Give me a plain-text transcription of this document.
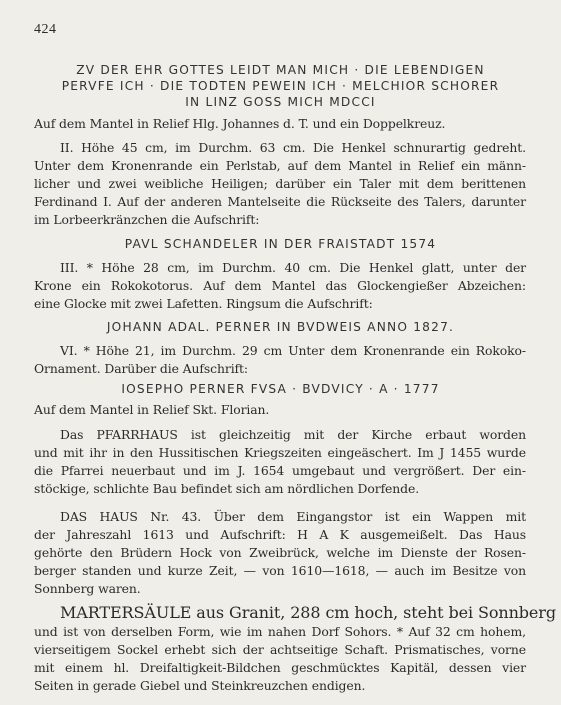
424
ZV DER EHR GOTTES LEIDT MAN MICH · DIE LEBENDIGEN
PERVFE ICH · DIE TODTEN PEWEIN ICH · MELCHIOR SCHORER
IN LINZ GOSS MICH MDCCI
Auf dem Mantel in Relief Hlg. Johannes d. T. und ein Doppelkreuz.
II. Höhe 45 cm, im Durchm. 63 cm. Die Henkel schnurartig gedreht.
Unter dem Kronenrande ein Perlstab, auf dem Mantel in Relief ein männ-
licher und zwei weibliche Heiligen; darüber ein Taler mit dem berittenen
Ferdinand I. Auf der anderen Mantelseite die Rückseite des Talers, darunter
im Lorbeerkränzchen die Aufschrift:
PAVL SCHANDELER IN DER FRAISTADT 1574
III. * Höhe 28 cm, im Durchm. 40 cm. Die Henkel glatt, unter der
Krone ein Rokokotorus. Auf dem Mantel das Glockengießer Abzeichen:
eine Glocke mit zwei Lafetten. Ringsum die Aufschrift:
JOHANN ADAL. PERNER IN BVDWEIS ANNO 1827.
VI. * Höhe 21, im Durchm. 29 cm Unter dem Kronenrande ein Rokoko-
Ornament. Darüber die Aufschrift:
IOSEPHO PERNER FVSA · BVDVICY · A · 1777
Auf dem Mantel in Relief Skt. Florian.
Das PFARRHAUS ist gleichzeitig mit der Kirche erbaut worden
und mit ihr in den Hussitischen Kriegszeiten eingeäschert. Im J 1455 wurde
die Pfarrei neuerbaut und im J. 1654 umgebaut und vergrößert. Der ein-
stöckige, schlichte Bau befindet sich am nördlichen Dorfende.
DAS HAUS Nr. 43. Über dem Eingangstor ist ein Wappen mit
der Jahreszahl 1613 und Aufschrift: H A K ausgemeißelt. Das Haus
gehörte den Brüdern Hock von Zweibrück, welche im Dienste der Rosen-
berger standen und kurze Zeit, — von 1610—1618, — auch im Besitze von
Sonnberg waren.
MARTERSÄULE aus Granit, 288 cm hoch, steht bei Sonnberg
und ist von derselben Form, wie im nahen Dorf Sohors. * Auf 32 cm hohem,
vierseitigem Sockel erhebt sich der achtseitige Schaft. Prismatisches, vorne
mit einem hl. Dreifaltigkeit-Bildchen geschmücktes Kapitäl, dessen vier
Seiten in gerade Giebel und Steinkreuzchen endigen.
